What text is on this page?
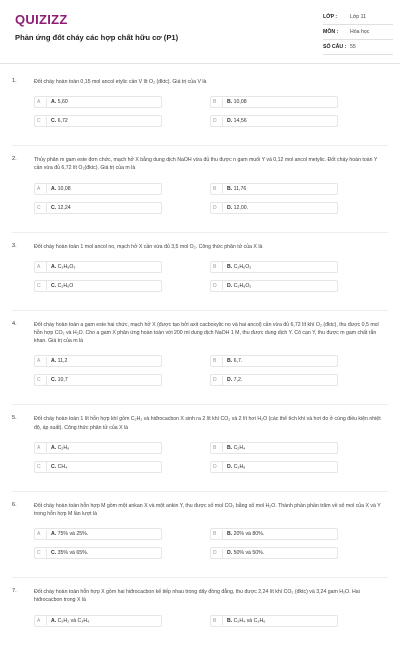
QUIZIZZ
Phản ứng đốt cháy các hợp chất hữu cơ (P1)
LỚP :	Lớp 11
MÔN :	Hóa học
SỐ CÂU : 55
1.	Đốt cháy hoàn toàn 0,15 mol ancol etylic cần V lít O₂ (đktc). Giá trị của V là
A	A. 5,60	B	B. 10,08
C	C. 6,72	D	D. 14,56
2.	Thủy phân m gam este đơn chức, mạch hở X bằng dung dịch NaOH vừa đủ thu được n gam muối Y và 0,12 mol ancol metylic. Đốt cháy hoàn toàn Y cần vừa đủ 6,72 lít O₂(đktc). Giá trị của m là
A	A. 10,08	B	B. 11,76
C	C. 12,24	D	D. 12,00.
3.	Đốt cháy hoàn toàn 1 mol ancol no, mạch hở X cần vừa đủ 3,5 mol O₂. Công thức phân tử của X là
A	A. C₃H₈O₃	B	B. C₂H₆O₂
C	C. C₂H₆O	D	D. C₃H₈O₂
4.	Đốt cháy hoàn toàn a gam este hai chức, mạch hở X (được tạo bởi axit cacboxylic no và hai ancol) cần vừa đủ 6,72 lít khí O₂ (đktc), thu được 0,5 mol hỗn hợp CO₂ và H₂O. Cho a gam X phản ứng hoàn toàn với 200 ml dung dịch NaOH 1 M, thu được dung dịch Y. Cô cạn Y, thu được m gam chất rắn khan. Giá trị của m là
A	A. 11,2	B	B. 6,7.
C	C. 10,7	D	D. 7,2.
5.	Đốt cháy hoàn toàn 1 lít hỗn hợp khí gồm C₂H₂ và hiđrocacbon X sinh ra 2 lít khí CO₂ và 2 lít hơi H₂O (các thể tích khí và hơi đo ở cùng điều kiện nhiệt độ, áp suất). Công thức phân tử của X là
A	A. C₂H₆	B	B. C₂H₄
C	C. CH₄	D	D. C₃H₈
6.	Đốt cháy hoàn toàn hỗn hợp M gồm một ankan X và một ankin Y, thu được số mol CO₂ bằng số mol H₂O. Thành phần phần trăm về số mol của X và Y trong hỗn hợp M lần lượt là
A	A. 75% và 25%.	B	B. 20% và 80%.
C	C. 35% và 65%.	D	D. 50% và 50%.
7.	Đốt cháy hoàn toàn hỗn hợp X gồm hai hiđrocacbon kế tiếp nhau trong dãy đồng đẳng, thu được 2,24 lít khí CO₂ (đktc) và 3,24 gam H₂O. Hai hiđrocacbon trong X là
A	A. C₂H₂ và C₃H₄	B	B. C₂H₄ và C₃H₆
